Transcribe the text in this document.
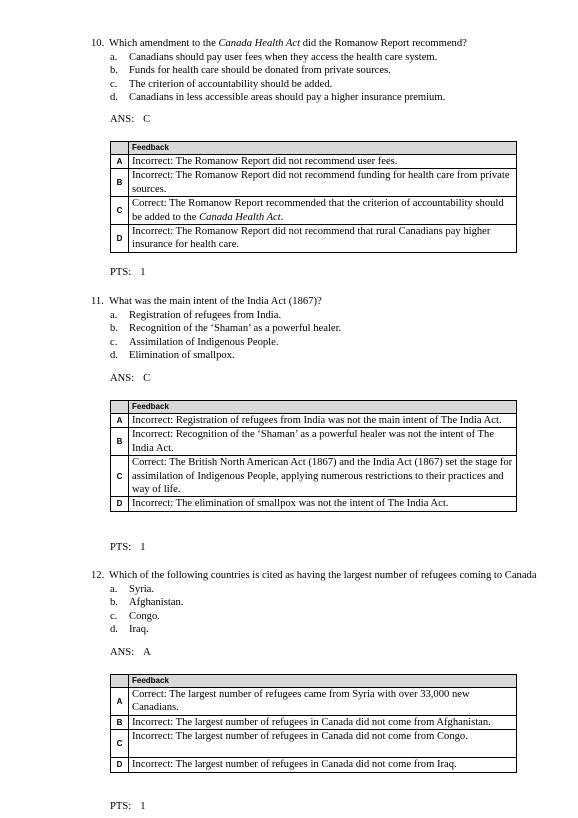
10. Which amendment to the Canada Health Act did the Romanow Report recommend?
a. Canadians should pay user fees when they access the health care system.
b. Funds for health care should be donated from private sources.
c. The criterion of accountability should be added.
d. Canadians in less accessible areas should pay a higher insurance premium.
ANS: C
	Feedback
A	Incorrect: The Romanow Report did not recommend user fees.
B	Incorrect: The Romanow Report did not recommend funding for health care from private sources.
C	Correct: The Romanow Report recommended that the criterion of accountability should be added to the Canada Health Act.
D	Incorrect: The Romanow Report did not recommend that rural Canadians pay higher insurance for health care.
PTS: 1
11. What was the main intent of the India Act (1867)?
a. Registration of refugees from India.
b. Recognition of the ‘Shaman’ as a powerful healer.
c. Assimilation of Indigenous People.
d. Elimination of smallpox.
ANS: C
	Feedback
A	Incorrect: Registration of refugees from India was not the main intent of The India Act.
B	Incorrect: Recognition of the ‘Shaman’ as a powerful healer was not the intent of The India Act.
C	Correct: The British North American Act (1867) and the India Act (1867) set the stage for assimilation of Indigenous People, applying numerous restrictions to their practices and way of life.
D	Incorrect: The elimination of smallpox was not the intent of The India Act.
PTS: 1
12. Which of the following countries is cited as having the largest number of refugees coming to Canada
a. Syria.
b. Afghanistan.
c. Congo.
d. Iraq.
ANS: A
	Feedback
A	Correct: The largest number of refugees came from Syria with over 33,000 new Canadians.
B	Incorrect: The largest number of refugees in Canada did not come from Afghanistan.
C	Incorrect: The largest number of refugees in Canada did not come from Congo.
D	Incorrect: The largest number of refugees in Canada did not come from Iraq.
PTS: 1
